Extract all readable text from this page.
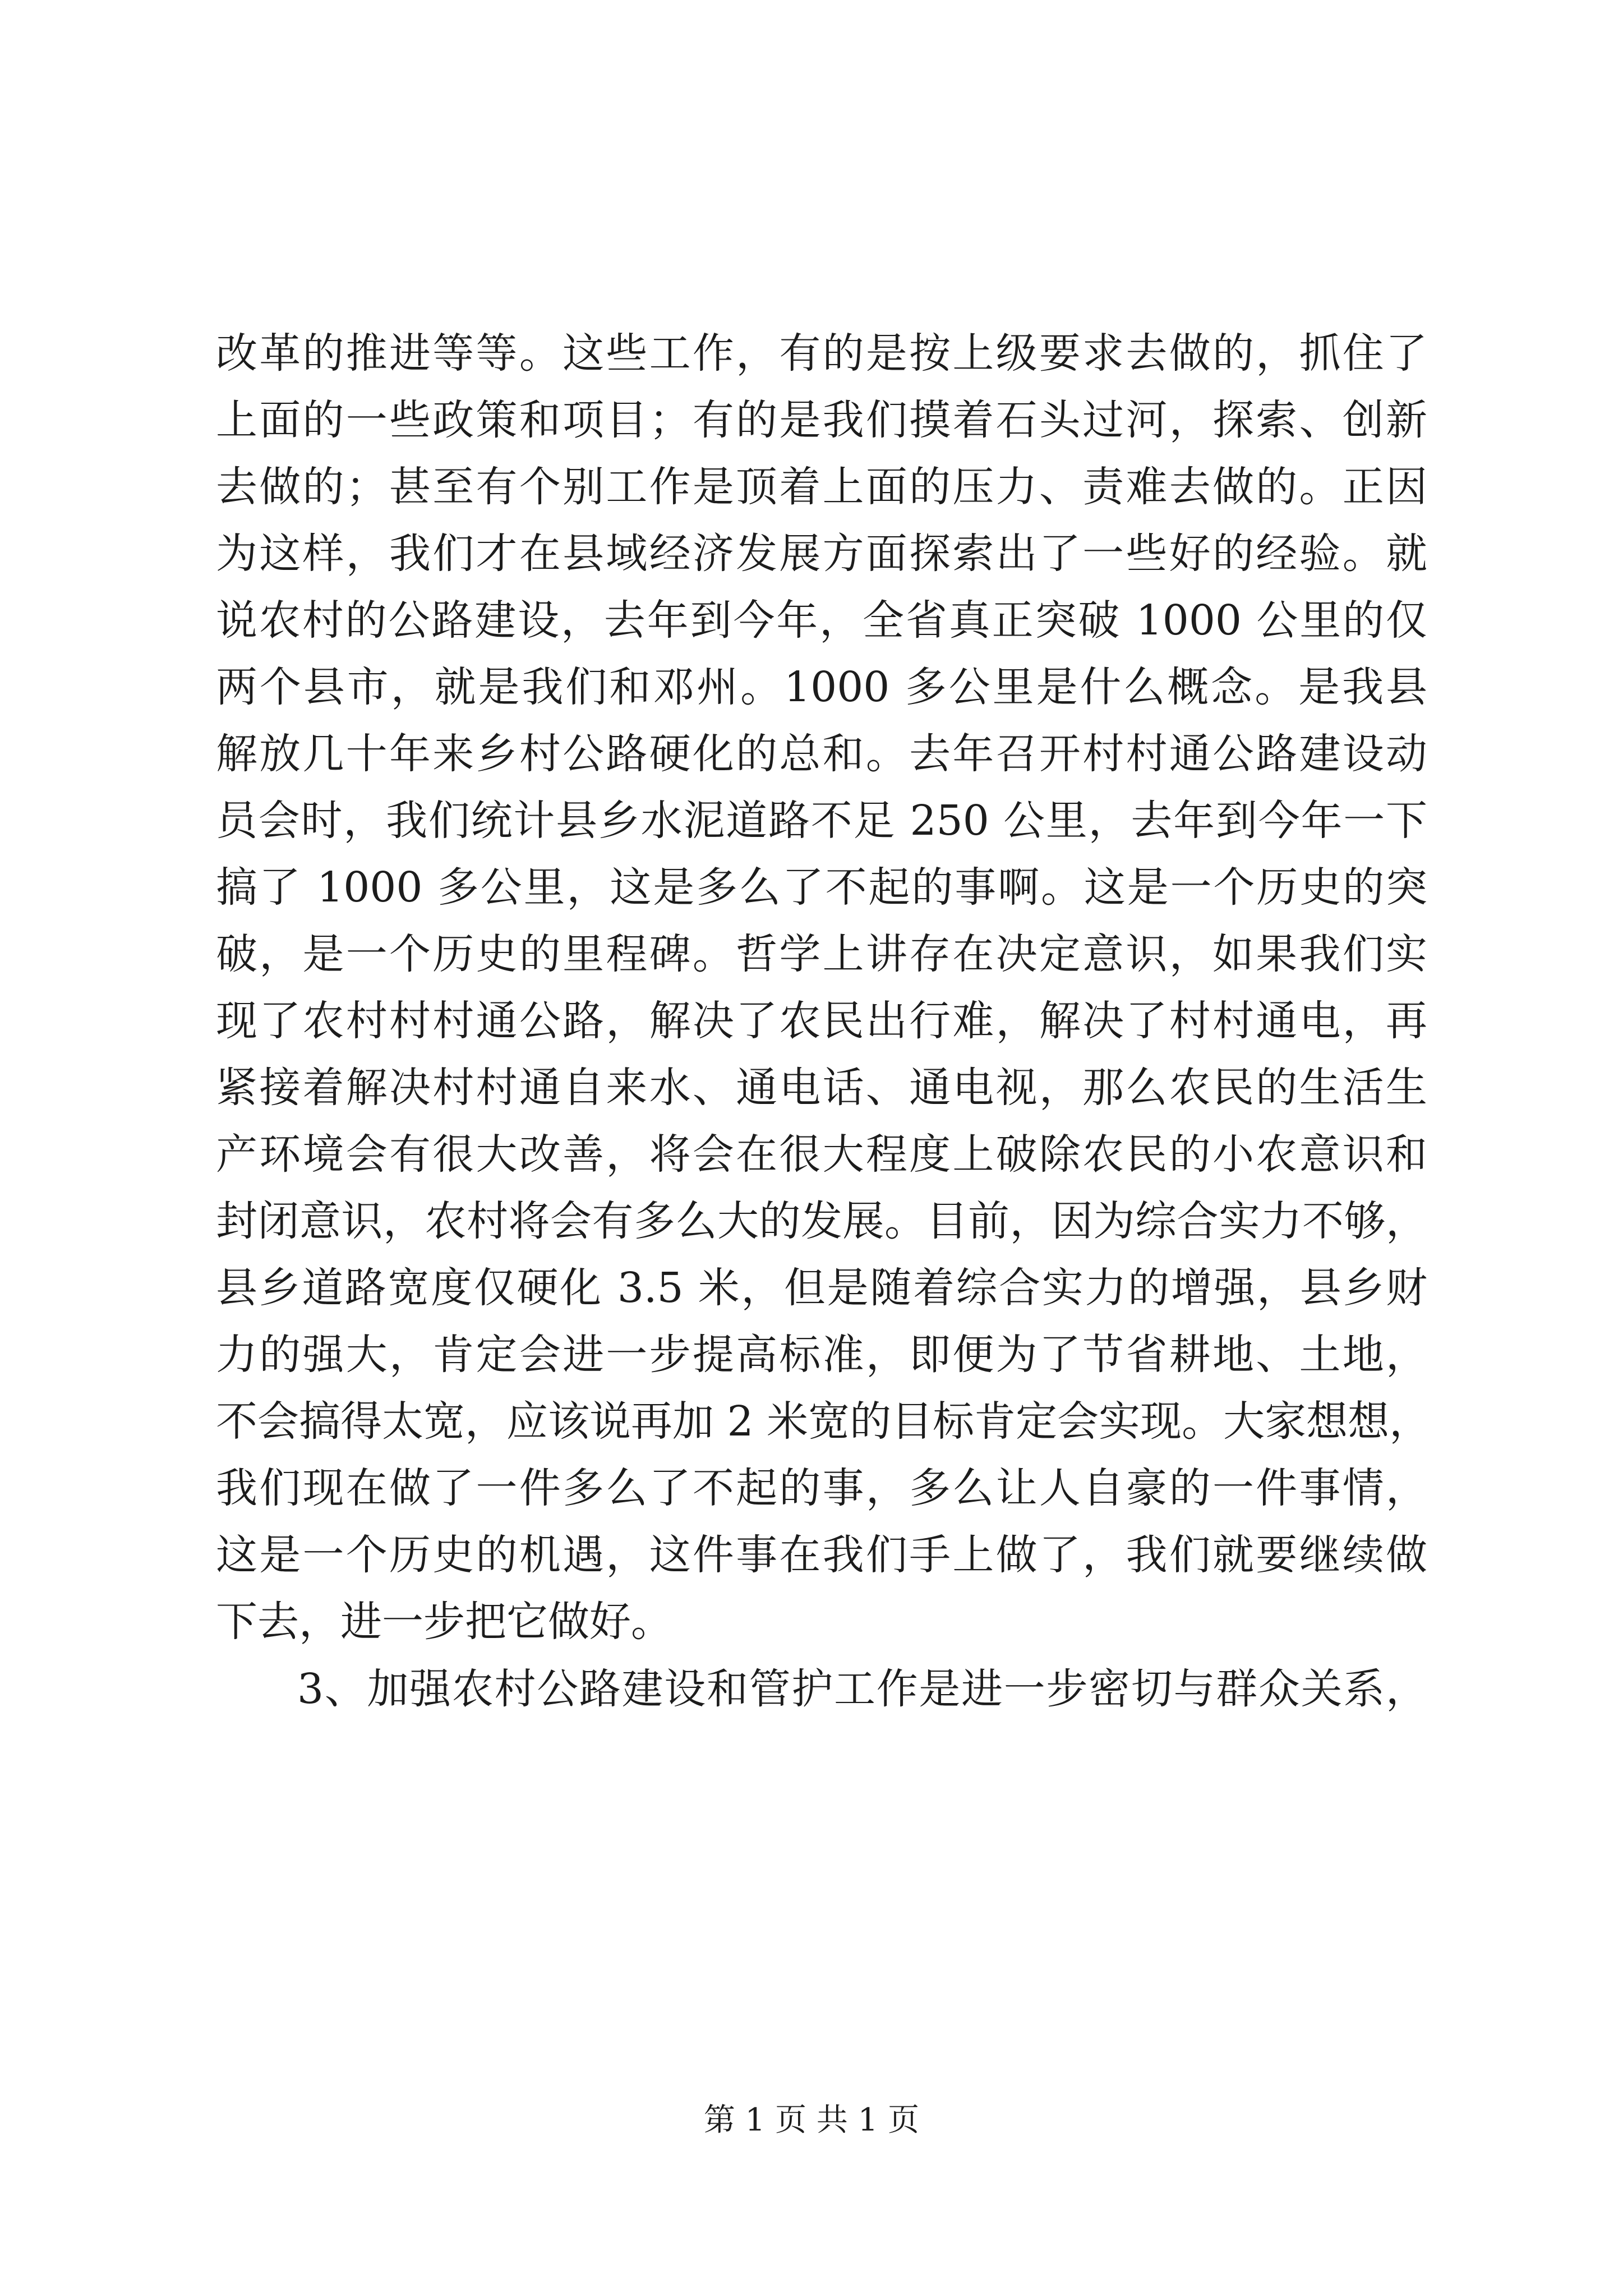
改革的推进等等。这些工作，有的是按上级要求去做的，抓住了
上面的一些政策和项目；有的是我们摸着石头过河，探索、创新
去做的；甚至有个别工作是顶着上面的压力、责难去做的。正因
为这样，我们才在县域经济发展方面探索出了一些好的经验。就
说农村的公路建设，去年到今年，全省真正突破 1000 公里的仅
两个县市，就是我们和邓州。1000 多公里是什么概念。是我县
解放几十年来乡村公路硬化的总和。去年召开村村通公路建设动
员会时，我们统计县乡水泥道路不足 250 公里，去年到今年一下
搞了 1000 多公里，这是多么了不起的事啊。这是一个历史的突
破，是一个历史的里程碑。哲学上讲存在决定意识，如果我们实
现了农村村村通公路，解决了农民出行难，解决了村村通电，再
紧接着解决村村通自来水、通电话、通电视，那么农民的生活生
产环境会有很大改善，将会在很大程度上破除农民的小农意识和
封闭意识，农村将会有多么大的发展。目前，因为综合实力不够，
县乡道路宽度仅硬化 3.5 米，但是随着综合实力的增强，县乡财
力的强大，肯定会进一步提高标准，即便为了节省耕地、土地，
不会搞得太宽，应该说再加 2 米宽的目标肯定会实现。大家想想，
我们现在做了一件多么了不起的事，多么让人自豪的一件事情，
这是一个历史的机遇，这件事在我们手上做了，我们就要继续做
下去，进一步把它做好。
3、加强农村公路建设和管护工作是进一步密切与群众关系，
第 1 页 共 1 页
